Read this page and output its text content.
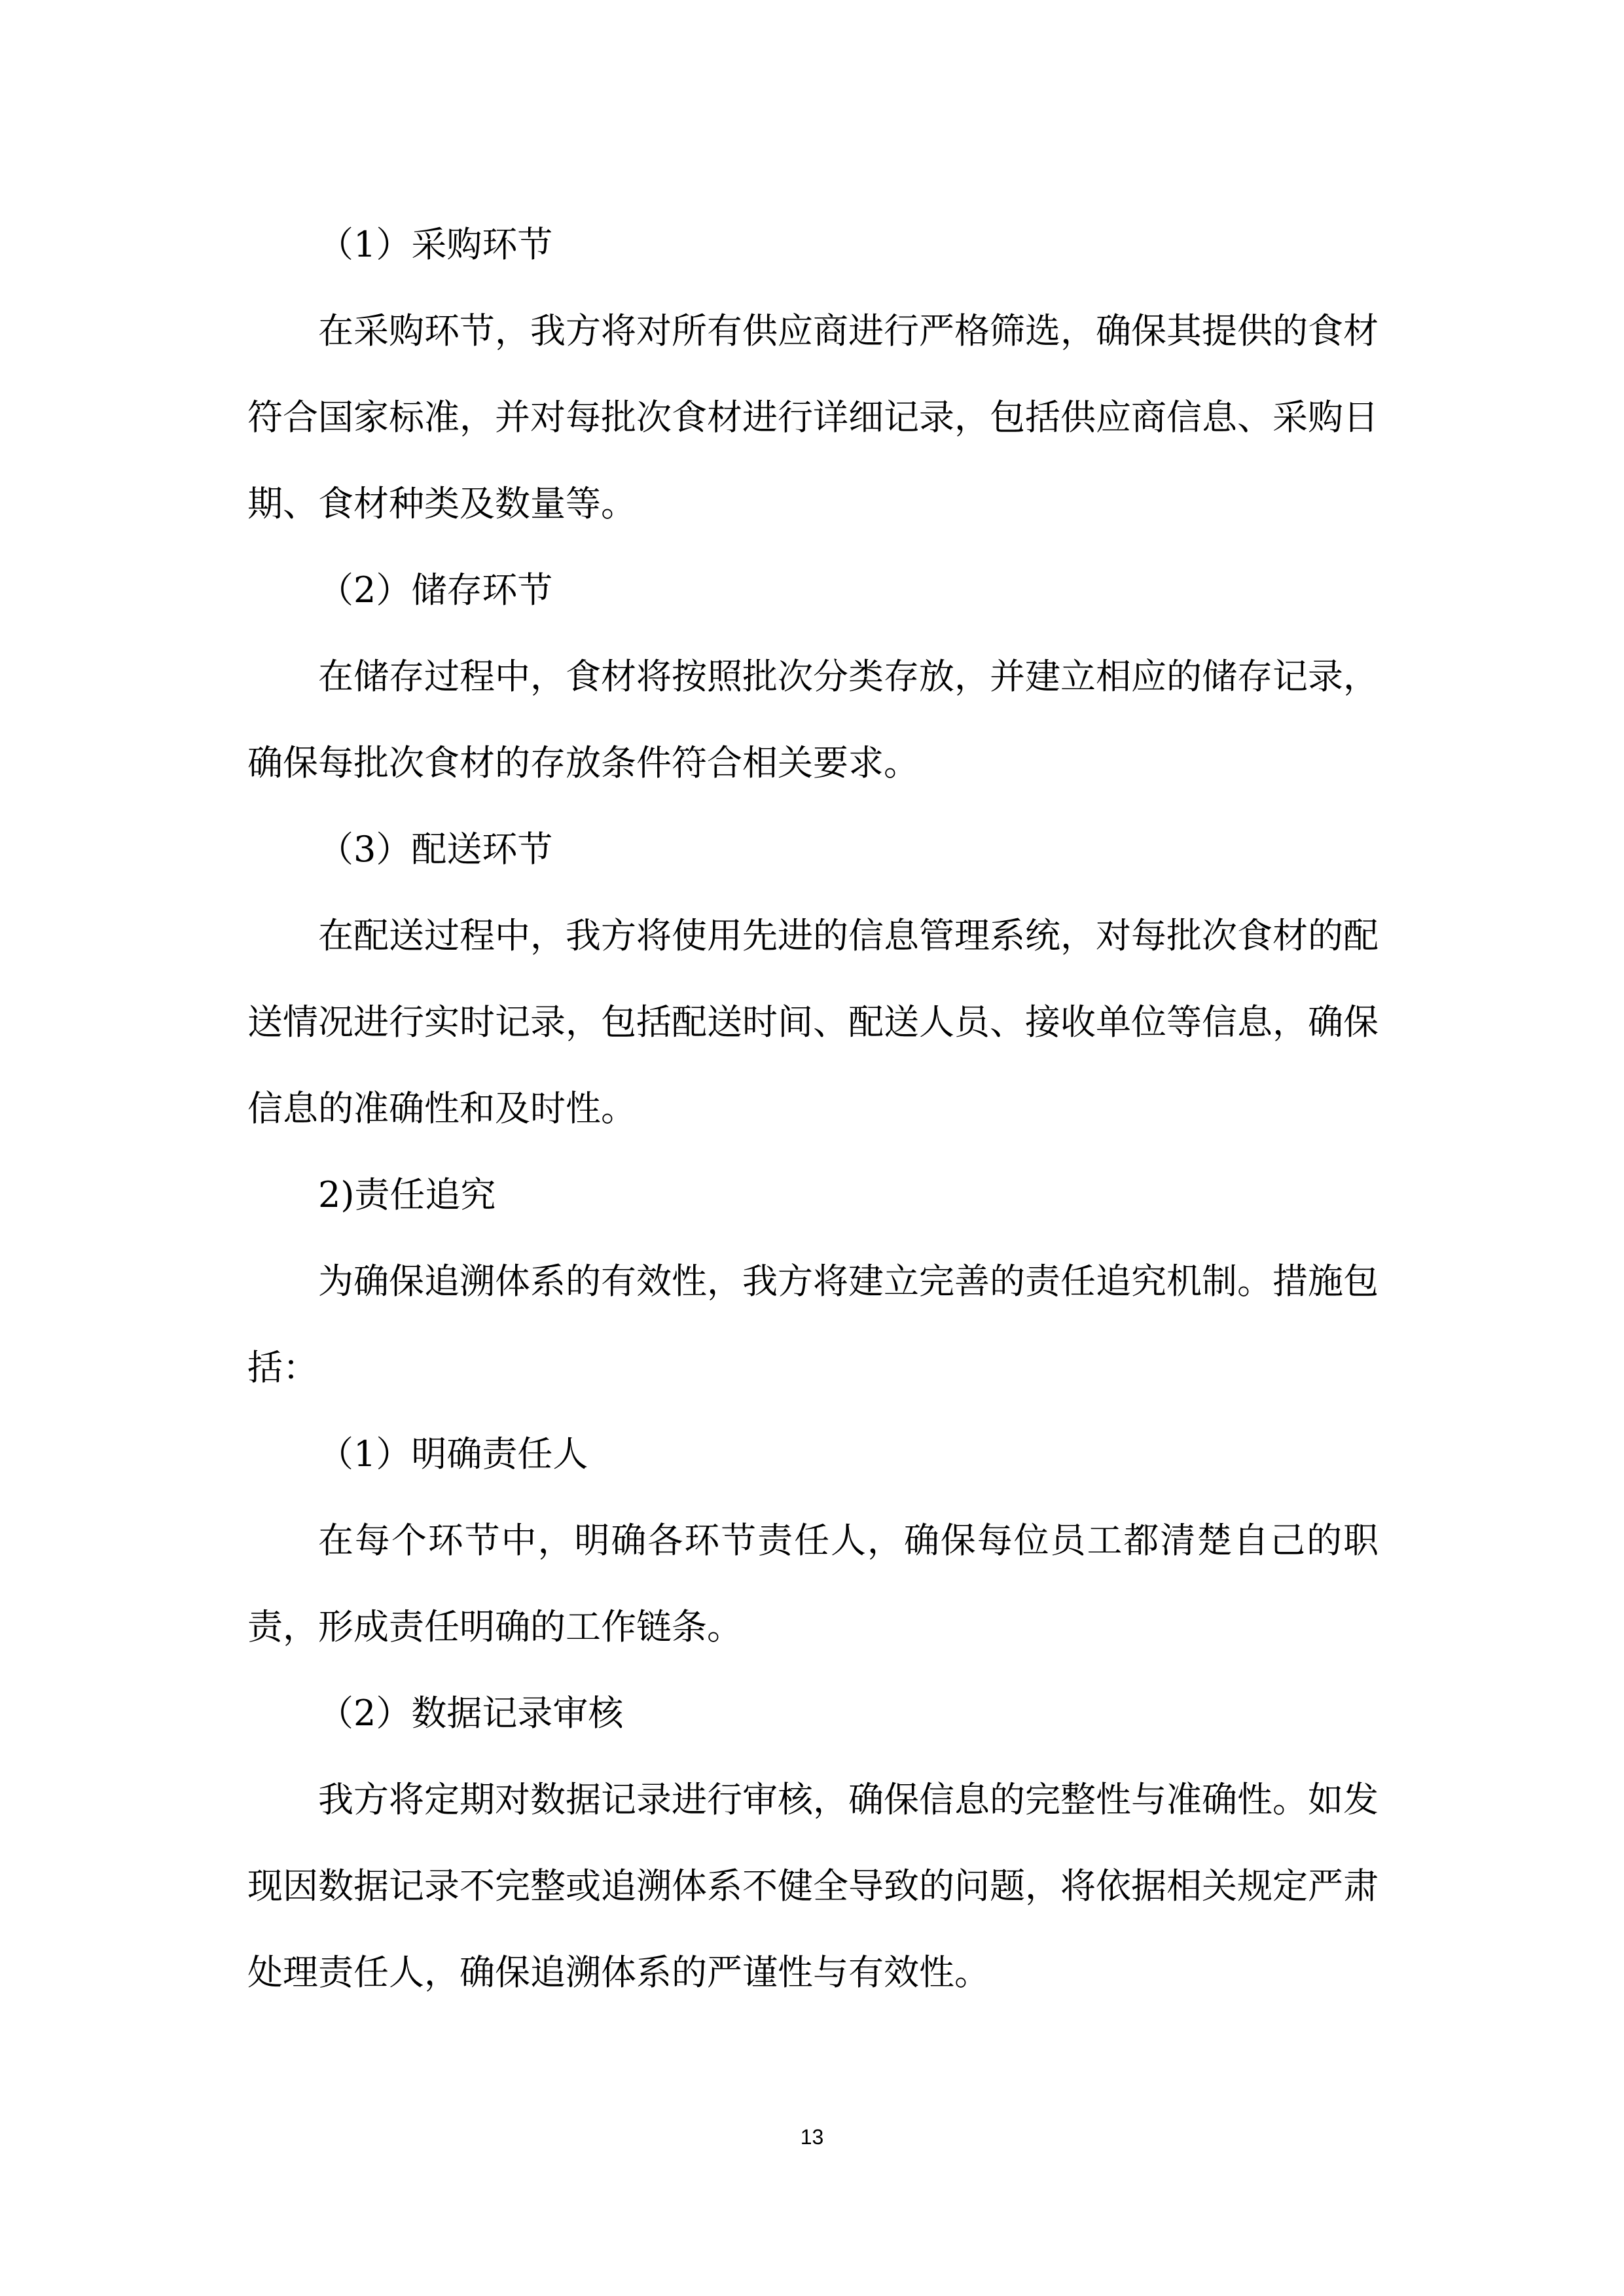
（1）采购环节

在采购环节，我方将对所有供应商进行严格筛选，确保其提供的食材符合国家标准，并对每批次食材进行详细记录，包括供应商信息、采购日期、食材种类及数量等。

（2）储存环节

在储存过程中，食材将按照批次分类存放，并建立相应的储存记录，确保每批次食材的存放条件符合相关要求。

（3）配送环节

在配送过程中，我方将使用先进的信息管理系统，对每批次食材的配送情况进行实时记录，包括配送时间、配送人员、接收单位等信息，确保信息的准确性和及时性。

2)责任追究

为确保追溯体系的有效性，我方将建立完善的责任追究机制。措施包括：

（1）明确责任人

在每个环节中，明确各环节责任人，确保每位员工都清楚自己的职责，形成责任明确的工作链条。

（2）数据记录审核

我方将定期对数据记录进行审核，确保信息的完整性与准确性。如发现因数据记录不完整或追溯体系不健全导致的问题，将依据相关规定严肃处理责任人，确保追溯体系的严谨性与有效性。

13
